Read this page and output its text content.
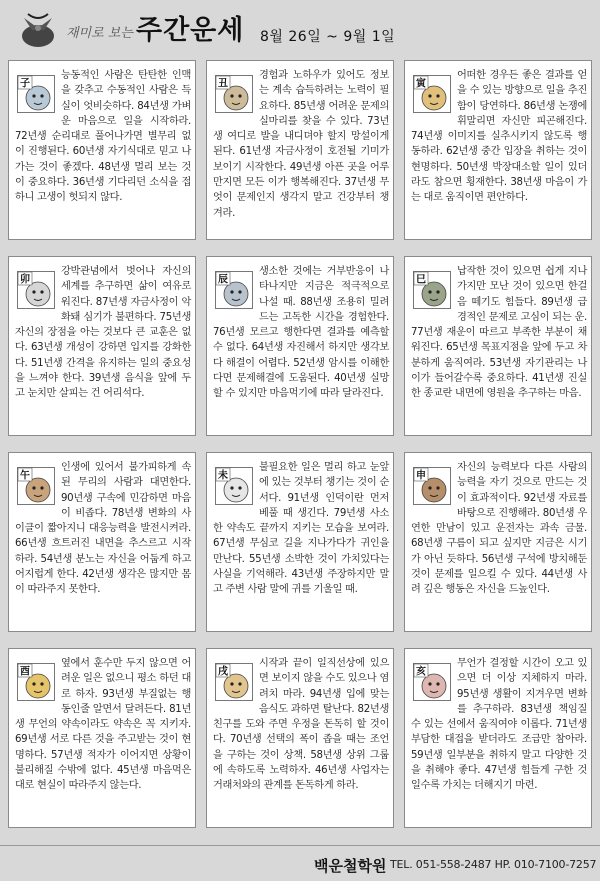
재미로 보는 주간운세 8월 26일 ~ 9월 1일
子
능동적인 사람은 탄탄한 인맥을 갖추고 수동적인 사람은 득실이 엇비슷하다. 84년생 가벼운 마음으로 일을 시작하라. 72년생 순리대로 풀어나가면 별무리 없이 진행된다. 60년생 자기식대로 믿고 나가는 것이 좋겠다. 48년생 멀리 보는 것이 중요하다. 36년생 기다리던 소식을 접하니 고생이 헛되지 않다.
丑
경험과 노하우가 있어도 정보는 계속 습득하려는 노력이 필요하다. 85년생 어려운 문제의 실마리를 찾을 수 있다. 73년생 여디로 발을 내디뎌야 할지 망설이게 된다. 61년생 자금사정이 호전될 기미가 보이기 시작한다. 49년생 아픈 곳을 어루만지면 모든 이가 행복해진다. 37년생 무엇이 문제인지 생각지 말고 건강부터 챙겨라.
寅
어떠한 경우든 좋은 결과를 얻을 수 있는 방향으로 일을 추진함이 당연하다. 86년생 논쟁에 휘말리면 자신만 피곤해진다. 74년생 이미지를 실추시키지 않도록 행동하라. 62년생 중간 입장을 취하는 것이 현명하다. 50년생 박장대소할 일이 있더라도 참으면 횡재한다. 38년생 마음이 가는 대로 움직이면 편안하다.
卯
강박관념에서 벗어나 자신의 세계를 추구하면 삶이 여유로워진다. 87년생 자금사정이 악화돼 심기가 불편하다. 75년생 자신의 장점을 아는 것보다 큰 교훈은 없다. 63년생 개성이 강하면 입지를 강화한다. 51년생 간격을 유지하는 일의 중요성을 느껴야 한다. 39년생 음식을 앞에 두고 눈치만 살피는 건 어리석다.
辰
생소한 것에는 거부반응이 나타나지만 지금은 적극적으로 나설 때. 88년생 조용히 밀려드는 고독한 시간을 경험한다. 76년생 모르고 행한다면 결과를 예측할 수 없다. 64년생 자진해서 하지만 생각보다 해결이 어렵다. 52년생 암시를 이해한다면 문제해결에 도움된다. 40년생 실망할 수 있지만 마음먹기에 따라 달라진다.
巳
납작한 것이 있으면 쉽게 지나가지만 모난 것이 있으면 한걸음 떼기도 힘들다. 89년생 급경적인 문제로 고심이 되는 운. 77년생 재운이 따르고 부족한 부분이 채워진다. 65년생 목표지점을 앞에 두고 차분하게 움직여라. 53년생 자기관리는 나이가 들어갈수록 중요하다. 41년생 진실한 종교란 내면에 영원을 추구하는 마음.
午
인생에 있어서 불가피하게 속된 무리의 사람과 대면한다. 90년생 구속에 민감하면 마음이 비좁다. 78년생 변화의 사이클이 짧아지니 대응능력을 발전시켜라. 66년생 흐트러진 내면을 추스르고 시작하라. 54년생 분노는 자신을 어둡게 하고 어지럽게 한다. 42년생 생각은 많지만 몸이 따라주지 못한다.
未
불필요한 일은 멀리 하고 눈앞에 있는 것부터 챙기는 것이 순서다. 91년생 인덕이란 먼저 베풀 때 생긴다. 79년생 사소한 약속도 끝까지 지키는 모습을 보여라. 67년생 무심코 길을 지나가다가 귀인을 만난다. 55년생 소박한 것이 가치있다는 사실을 기억해라. 43년생 주장하지만 말고 주변 사람 말에 귀를 기울일 때.
申
자신의 능력보다 다른 사람의 능력을 자기 것으로 만드는 것이 효과적이다. 92년생 자료를 바탕으로 진행해라. 80년생 우연한 만남이 있고 운전자는 과속 금물. 68년생 구름이 되고 싶지만 지금은 시기가 아닌 듯하다. 56년생 구석에 방치해둔 것이 문제를 일으킬 수 있다. 44년생 사려 깊은 행동은 자신을 드높인다.
酉
옆에서 훈수만 두지 않으면 어려운 일은 없으니 평소 하던 대로 하자. 93년생 부질없는 행동인줄 알면서 달려든다. 81년생 무언의 약속이라도 약속은 꼭 지키자. 69년생 서로 다른 것을 주고받는 것이 현명하다. 57년생 적자가 이어지면 상황이 불리해질 수밖에 없다. 45년생 마음먹은 대로 현실이 따라주지 않는다.
戌
시작과 끝이 일직선상에 있으면 보이지 않을 수도 있으나 염려치 마라. 94년생 입에 맞는 음식도 과하면 탈난다. 82년생 친구를 도와 주면 우정을 돈독히 할 것이다. 70년생 선택의 폭이 좁을 때는 조언을 구하는 것이 상책. 58년생 상위 그룹에 속하도록 노력하자. 46년생 사업자는 거래처와의 관계를 돈독하게 하라.
亥
무언가 결정할 시간이 오고 있으면 더 이상 지체하지 마라. 95년생 생활이 지겨우면 변화를 추구하라. 83년생 책임질 수 있는 선에서 움직여야 이롭다. 71년생 부담한 대접을 받더라도 조급만 참아라. 59년생 일부분을 취하지 말고 다양한 것을 취해야 좋다. 47년생 힘들게 구한 것일수록 가치는 더해지기 마련.
백운철학원 TEL. 051-558-2487 HP. 010-7100-7257
